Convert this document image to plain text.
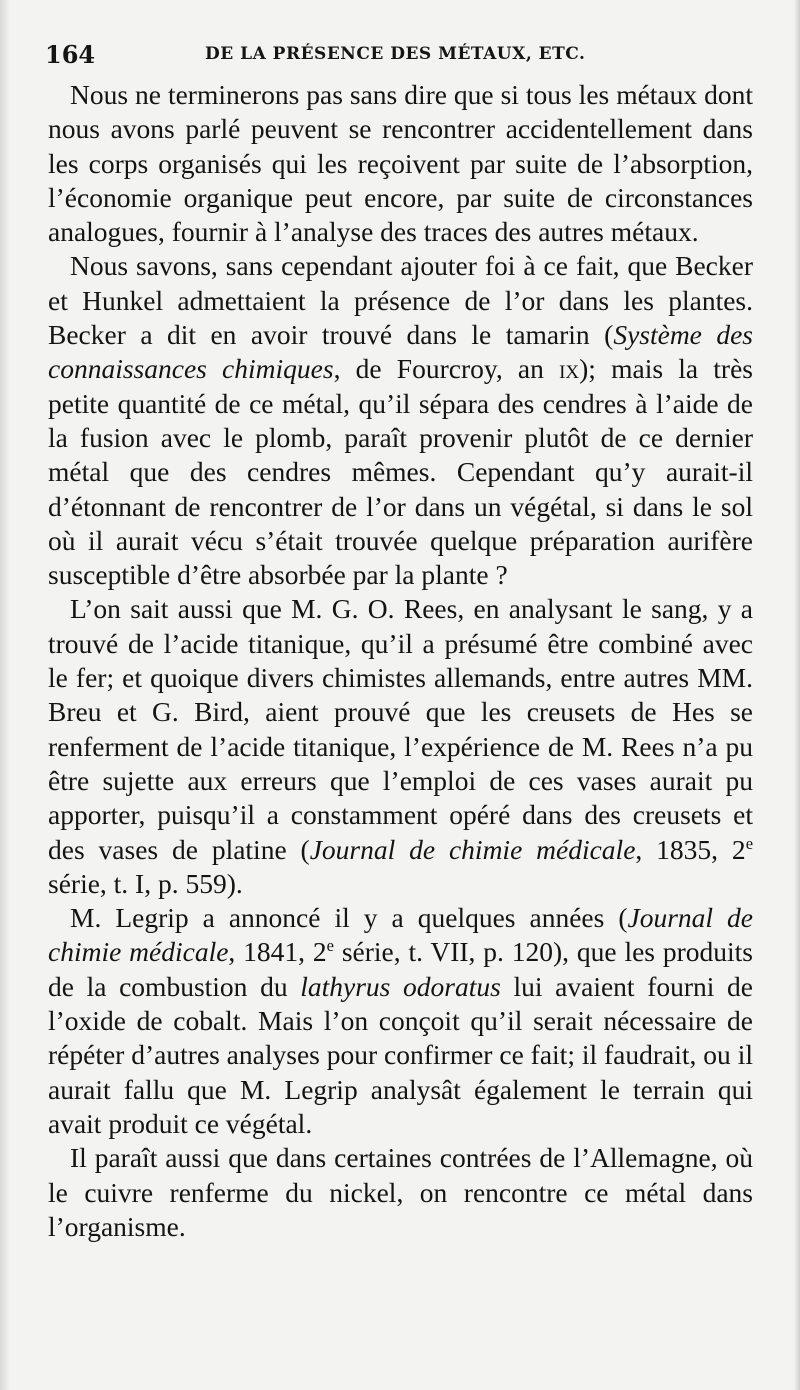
164	DE LA PRÉSENCE DES MÉTAUX, ETC.

Nous ne terminerons pas sans dire que si tous les métaux dont nous avons parlé peuvent se rencontrer accidentellement dans les corps organisés qui les reçoivent par suite de l’absorption, l’économie organique peut encore, par suite de circonstances analogues, fournir à l’analyse des traces des autres métaux.

Nous savons, sans cependant ajouter foi à ce fait, que Becker et Hunkel admettaient la présence de l’or dans les plantes. Becker a dit en avoir trouvé dans le tamarin (Système des connaissances chimiques, de Fourcroy, an ix); mais la très petite quantité de ce métal, qu’il sépara des cendres à l’aide de la fusion avec le plomb, paraît provenir plutôt de ce dernier métal que des cendres mêmes. Cependant qu’y aurait-il d’étonnant de rencontrer de l’or dans un végétal, si dans le sol où il aurait vécu s’était trouvée quelque préparation aurifère susceptible d’être absorbée par la plante ?

L’on sait aussi que M. G. O. Rees, en analysant le sang, y a trouvé de l’acide titanique, qu’il a présumé être combiné avec le fer; et quoique divers chimistes allemands, entre autres MM. Breu et G. Bird, aient prouvé que les creusets de Hes se renferment de l’acide titanique, l’expérience de M. Rees n’a pu être sujette aux erreurs que l’emploi de ces vases aurait pu apporter, puisqu’il a constamment opéré dans des creusets et des vases de platine (Journal de chimie médicale, 1835, 2e série, t. I, p. 559).

M. Legrip a annoncé il y a quelques années (Journal de chimie médicale, 1841, 2e série, t. VII, p. 120), que les produits de la combustion du lathyrus odoratus lui avaient fourni de l’oxide de cobalt. Mais l’on conçoit qu’il serait nécessaire de répéter d’autres analyses pour confirmer ce fait; il faudrait, ou il aurait fallu que M. Legrip analysât également le terrain qui avait produit ce végétal.

Il paraît aussi que dans certaines contrées de l’Allemagne, où le cuivre renferme du nickel, on rencontre ce métal dans l’organisme.
